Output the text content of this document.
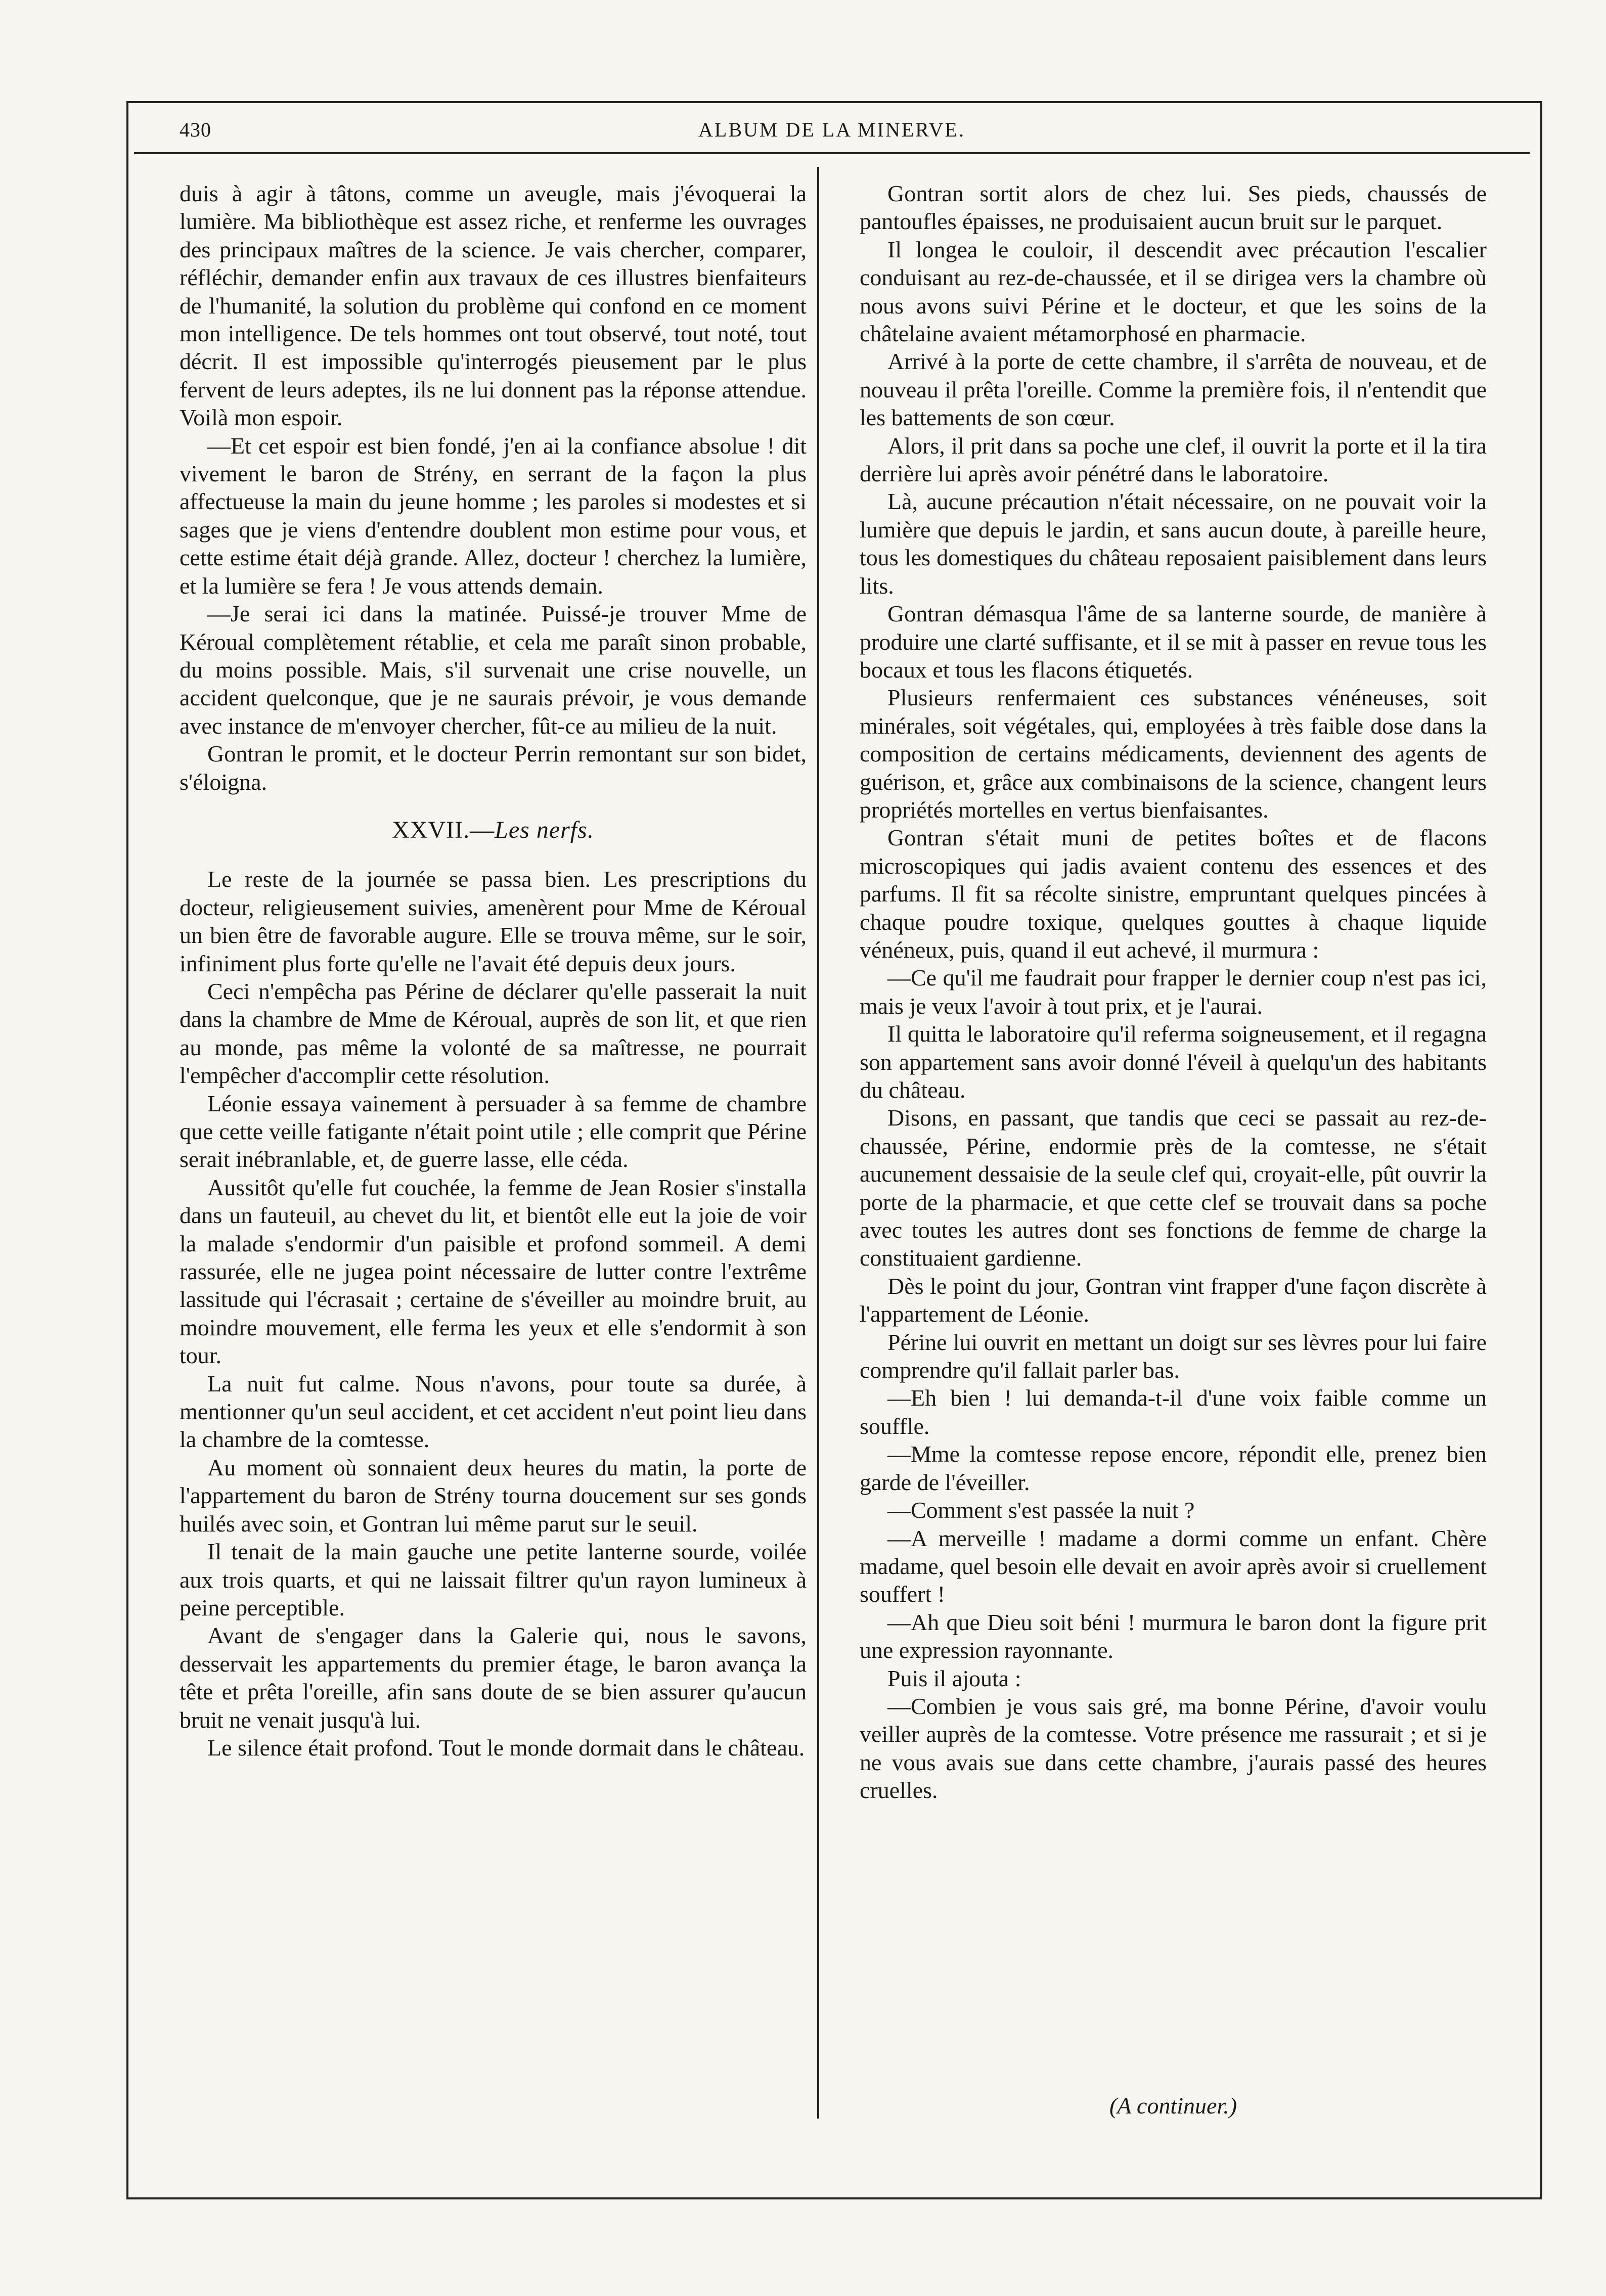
430	ALBUM DE LA MINERVE.

duis à agir à tâtons, comme un aveugle, mais j'évoquerai la lumière. Ma bibliothèque est assez riche, et renferme les ouvrages des principaux maîtres de la science. Je vais chercher, comparer, réfléchir, demander enfin aux travaux de ces illustres bienfaiteurs de l'humanité, la solution du problème qui confond en ce moment mon intelligence. De tels hommes ont tout observé, tout noté, tout décrit. Il est impossible qu'interrogés pieusement par le plus fervent de leurs adeptes, ils ne lui donnent pas la réponse attendue. Voilà mon espoir.

—Et cet espoir est bien fondé, j'en ai la confiance absolue ! dit vivement le baron de Strény, en serrant de la façon la plus affectueuse la main du jeune homme ; les paroles si modestes et si sages que je viens d'entendre doublent mon estime pour vous, et cette estime était déjà grande. Allez, docteur ! cherchez la lumière, et la lumière se fera ! Je vous attends demain.

—Je serai ici dans la matinée. Puissé-je trouver Mme de Kéroual complètement rétablie, et cela me paraît sinon probable, du moins possible. Mais, s'il survenait une crise nouvelle, un accident quelconque, que je ne saurais prévoir, je vous demande avec instance de m'envoyer chercher, fût-ce au milieu de la nuit.

Gontran le promit, et le docteur Perrin remontant sur son bidet, s'éloigna.

XXVII.—Les nerfs.

Le reste de la journée se passa bien. Les prescriptions du docteur, religieusement suivies, amenèrent pour Mme de Kéroual un bien être de favorable augure. Elle se trouva même, sur le soir, infiniment plus forte qu'elle ne l'avait été depuis deux jours.

Ceci n'empêcha pas Périne de déclarer qu'elle passerait la nuit dans la chambre de Mme de Kéroual, auprès de son lit, et que rien au monde, pas même la volonté de sa maîtresse, ne pourrait l'empêcher d'accomplir cette résolution.

Léonie essaya vainement à persuader à sa femme de chambre que cette veille fatigante n'était point utile ; elle comprit que Périne serait inébranlable, et, de guerre lasse, elle céda.

Aussitôt qu'elle fut couchée, la femme de Jean Rosier s'installa dans un fauteuil, au chevet du lit, et bientôt elle eut la joie de voir la malade s'endormir d'un paisible et profond sommeil. A demi rassurée, elle ne jugea point nécessaire de lutter contre l'extrême lassitude qui l'écrasait ; certaine de s'éveiller au moindre bruit, au moindre mouvement, elle ferma les yeux et elle s'endormit à son tour.

La nuit fut calme. Nous n'avons, pour toute sa durée, à mentionner qu'un seul accident, et cet accident n'eut point lieu dans la chambre de la comtesse.

Au moment où sonnaient deux heures du matin, la porte de l'appartement du baron de Strény tourna doucement sur ses gonds huilés avec soin, et Gontran lui même parut sur le seuil.

Il tenait de la main gauche une petite lanterne sourde, voilée aux trois quarts, et qui ne laissait filtrer qu'un rayon lumineux à peine perceptible.

Avant de s'engager dans la Galerie qui, nous le savons, desservait les appartements du premier étage, le baron avança la tête et prêta l'oreille, afin sans doute de se bien assurer qu'aucun bruit ne venait jusqu'à lui.

Le silence était profond. Tout le monde dormait dans le château.

Gontran sortit alors de chez lui. Ses pieds, chaussés de pantoufles épaisses, ne produisaient aucun bruit sur le parquet.

Il longea le couloir, il descendit avec précaution l'escalier conduisant au rez-de-chaussée, et il se dirigea vers la chambre où nous avons suivi Périne et le docteur, et que les soins de la châtelaine avaient métamorphosé en pharmacie.

Arrivé à la porte de cette chambre, il s'arrêta de nouveau, et de nouveau il prêta l'oreille. Comme la première fois, il n'entendit que les battements de son cœur.

Alors, il prit dans sa poche une clef, il ouvrit la porte et il la tira derrière lui après avoir pénétré dans le laboratoire.

Là, aucune précaution n'était nécessaire, on ne pouvait voir la lumière que depuis le jardin, et sans aucun doute, à pareille heure, tous les domestiques du château reposaient paisiblement dans leurs lits.

Gontran démasqua l'âme de sa lanterne sourde, de manière à produire une clarté suffisante, et il se mit à passer en revue tous les bocaux et tous les flacons étiquetés.

Plusieurs renfermaient ces substances vénéneuses, soit minérales, soit végétales, qui, employées à très faible dose dans la composition de certains médicaments, deviennent des agents de guérison, et, grâce aux combinaisons de la science, changent leurs propriétés mortelles en vertus bienfaisantes.

Gontran s'était muni de petites boîtes et de flacons microscopiques qui jadis avaient contenu des essences et des parfums. Il fit sa récolte sinistre, empruntant quelques pincées à chaque poudre toxique, quelques gouttes à chaque liquide vénéneux, puis, quand il eut achevé, il murmura :

—Ce qu'il me faudrait pour frapper le dernier coup n'est pas ici, mais je veux l'avoir à tout prix, et je l'aurai.

Il quitta le laboratoire qu'il referma soigneusement, et il regagna son appartement sans avoir donné l'éveil à quelqu'un des habitants du château.

Disons, en passant, que tandis que ceci se passait au rez-de-chaussée, Périne, endormie près de la comtesse, ne s'était aucunement dessaisie de la seule clef qui, croyait-elle, pût ouvrir la porte de la pharmacie, et que cette clef se trouvait dans sa poche avec toutes les autres dont ses fonctions de femme de charge la constituaient gardienne.

Dès le point du jour, Gontran vint frapper d'une façon discrète à l'appartement de Léonie.

Périne lui ouvrit en mettant un doigt sur ses lèvres pour lui faire comprendre qu'il fallait parler bas.

—Eh bien ! lui demanda-t-il d'une voix faible comme un souffle.

—Mme la comtesse repose encore, répondit elle, prenez bien garde de l'éveiller.

—Comment s'est passée la nuit ?

—A merveille ! madame a dormi comme un enfant. Chère madame, quel besoin elle devait en avoir après avoir si cruellement souffert !

—Ah que Dieu soit béni ! murmura le baron dont la figure prit une expression rayonnante.

Puis il ajouta :

—Combien je vous sais gré, ma bonne Périne, d'avoir voulu veiller auprès de la comtesse. Votre présence me rassurait ; et si je ne vous avais sue dans cette chambre, j'aurais passé des heures cruelles.

(A continuer.)
